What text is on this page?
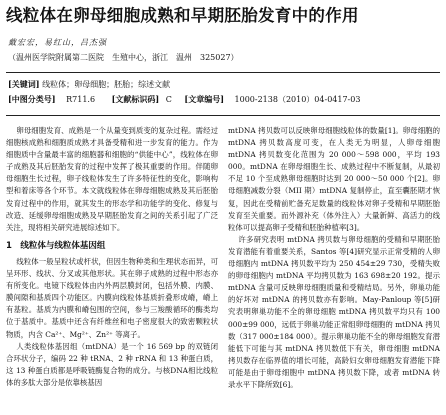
线粒体在卵母细胞成熟和早期胚胎发育中的作用
戴宏宏，易红山，吕杰强
（温州医学院附属第二医院　生殖中心，浙江　温州　325027）
[关键词] 线粒体；卵母细胞；胚胎；综述文献
[中图分类号] R711.6 [文献标识码] C [文章编号] 1000-2138（2010）04-0417-03

卵母细胞发育、成熟是一个从量变到质变的复杂过程。需经过细胞核成熟和细胞质成熟才具备受精和进一步发育的能力。作为细胞质中含量最丰富的细胞器和细胞的“供能中心”，线粒体在卵子成熟及其后胚胎发育的过程中发挥了极其重要的作用。伴随卵母细胞生长过程，卵子线粒体发生了许多特征性的变化，影响构型和着床等各个环节。本文就线粒体在卵母细胞成熟及其后胚胎发育过程中的作用，就其发生的形态学和功能学的变化、修复与改造、延缓卵母细胞成熟及早期胚胎发育之间的关系引起了广泛关注，现将相关研究进展综述如下。

1　线粒体与线粒体基因组

线粒体一般呈粒状或杆状，但因生物种类和生理状态而异，可呈环形、线状、分叉或其他形状。其在卵子成熟的过程中形态亦有所变化。电镜下线粒体由内外两层膜封闭，包括外膜、内膜、膜间隙和基质四个功能区。内膜向线粒体基质折叠形成嵴，嵴上有基粒。基质为内膜和嵴包围的空间，参与三羧酸循环的酶类均位于基质中。基质中还含有纤维丝和电子密度很大的致密颗粒状物质，内含 Ca²⁺、Mg²⁺、Zn²⁺ 等离子。

人类线粒体基因组（mtDNA）是一个 16 569 bp 的双链闭合环状分子，编码 22 种 tRNA、2 种 rRNA 和 13 种蛋白质，这 13 种蛋白质都是呼吸链酶复合物的成分。与核DNA相比线粒体的多肽大部分是依靠核基因

mtDNA 拷贝数可以反映卵母细胞线粒体的数量[1]。卵母细胞的 mtDNA 拷贝数高度可变，在人类无为明显，人卵母细胞 mtDNA 拷贝数变化范围为 20 000～598 000，平均 193 000。mtDNA 在卵母细胞生长、成熟过程中不断复制，从最初不足 10 个至成熟卵母细胞时达到 20 000～50 000 个[2]。卵母细胞减数分裂（MII 期）mtDNA 复制停止，直至囊胚期才恢复，因此在受精前贮备充足数量的线粒体对卵子受精和早期胚胎发育至关重要。而外源补充（体外注入）大量新鲜、高活力的线粒体可以提高卵子受精和胚胎种植率[3]。

许多研究表明 mtDNA 拷贝数与卵母细胞的受精和早期胚胎发育潜能有着重要关系，Santos 等[4]研究显示正常受精的人卵母细胞内 mtDNA 拷贝数平均为 250 454±29 730，受精失败的卵母细胞内 mtDNA 平均拷贝数为 163 698±20 192。提示 mtDNA 含量可反映卵母细胞质量和受精结局。另外，卵巢功能的好坏对 mtDNA 的拷贝数亦有影响。May-Panloup 等[5]研究表明卵巢功能不全的卵母细胞 mtDNA 拷贝数平均只有 100 000±99 000，远低于卵巢功能正常组卵母细胞的 mtDNA 拷贝数（317 000±184 000）。提示卵巢功能不全的卵母细胞发育潜能低下可能与其 mtDNA 拷贝数低下有关，卵母细胞 mtDNA 拷贝数存在临界值的增长可能，高龄妇女卵母细胞发育潜能下降可能是由于卵母细胞中 mtDNA 拷贝数下降，或者 mtDNA 转录水平下降所致[6]。
